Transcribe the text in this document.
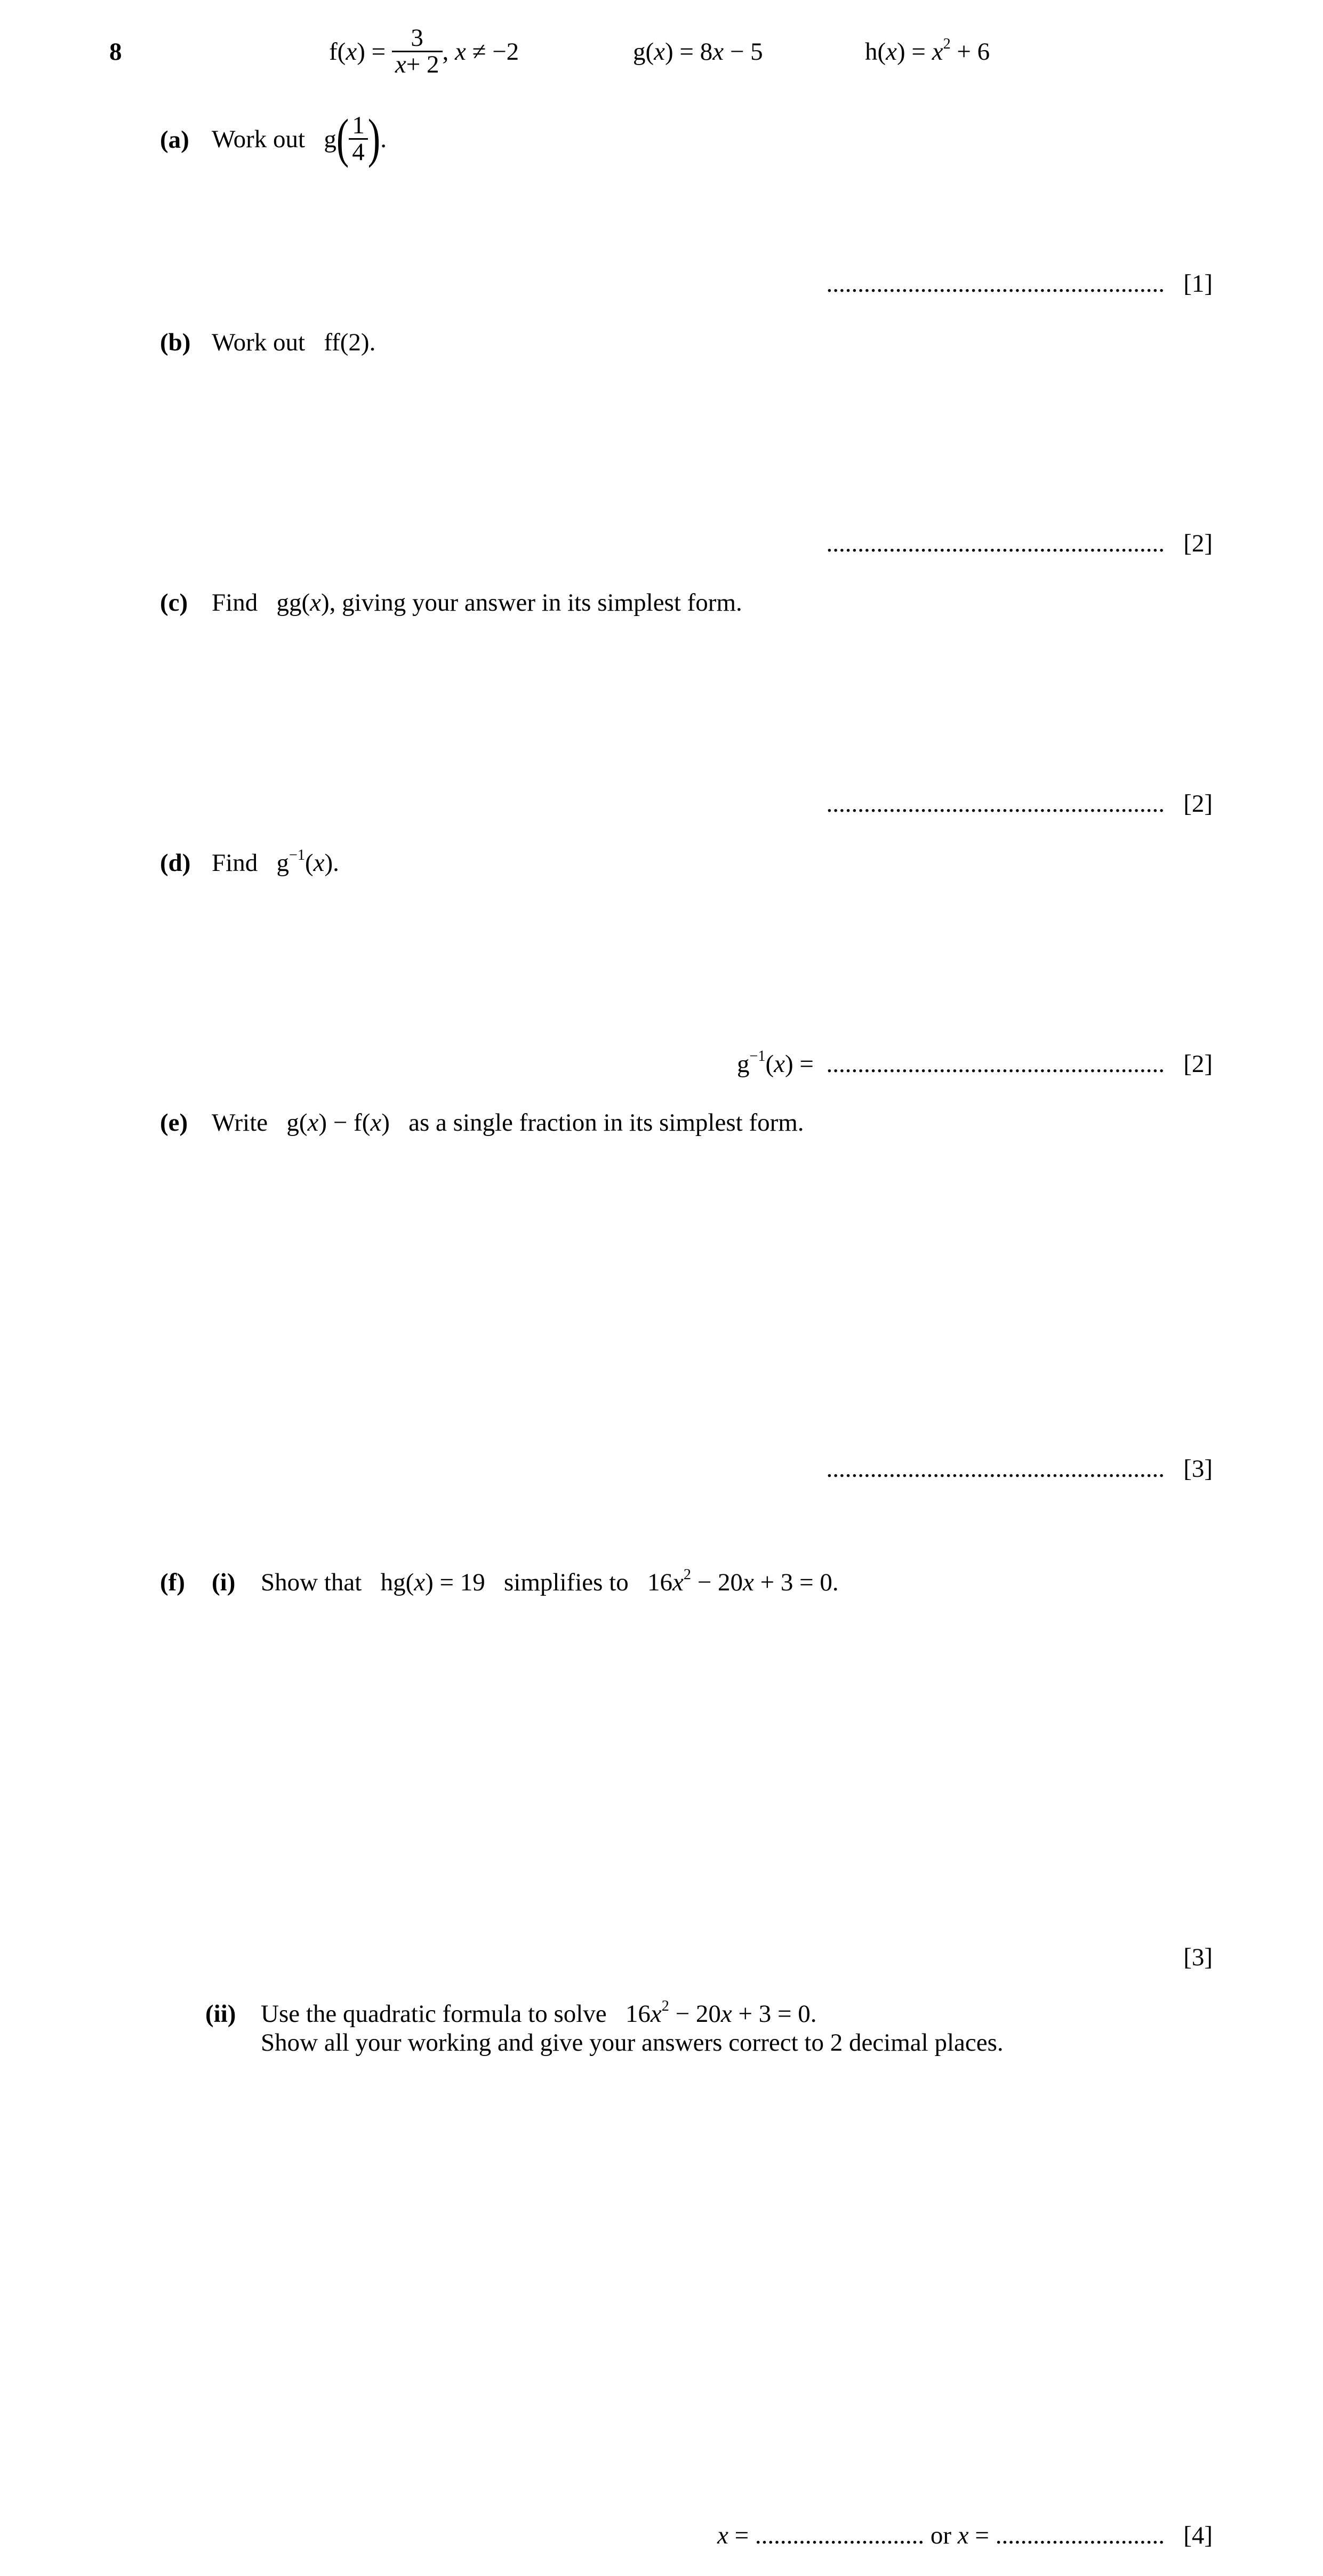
8	$f(x) = \frac{3}{x+ 2}$ , x ≠ −2	g(x) = 8x − 5	$h(x) = x^2 + 6$
(a) Work out $g( \frac{1}{4}$ ).
...................................................... [1]
(b) Work out ff(2).
...................................................... [2]
(c) Find gg(x), giving your answer in its simplest form.
...................................................... [2]
(d) Find $g^{-1}(x)$.
$g^{-1}(x)$ = ...................................................... [2]
(e) Write g(x) − f(x) as a single fraction in its simplest form.
...................................................... [3]
(f) (i) Show that hg(x) = 19 simplifies to $16x^2 - 20x + 3 = 0$.
[3]
(ii) Use the quadratic formula to solve $16x^2 - 20x + 3 = 0$.
Show all your working and give your answers correct to 2 decimal places.
x = ........................... or x = ........................... [4]
